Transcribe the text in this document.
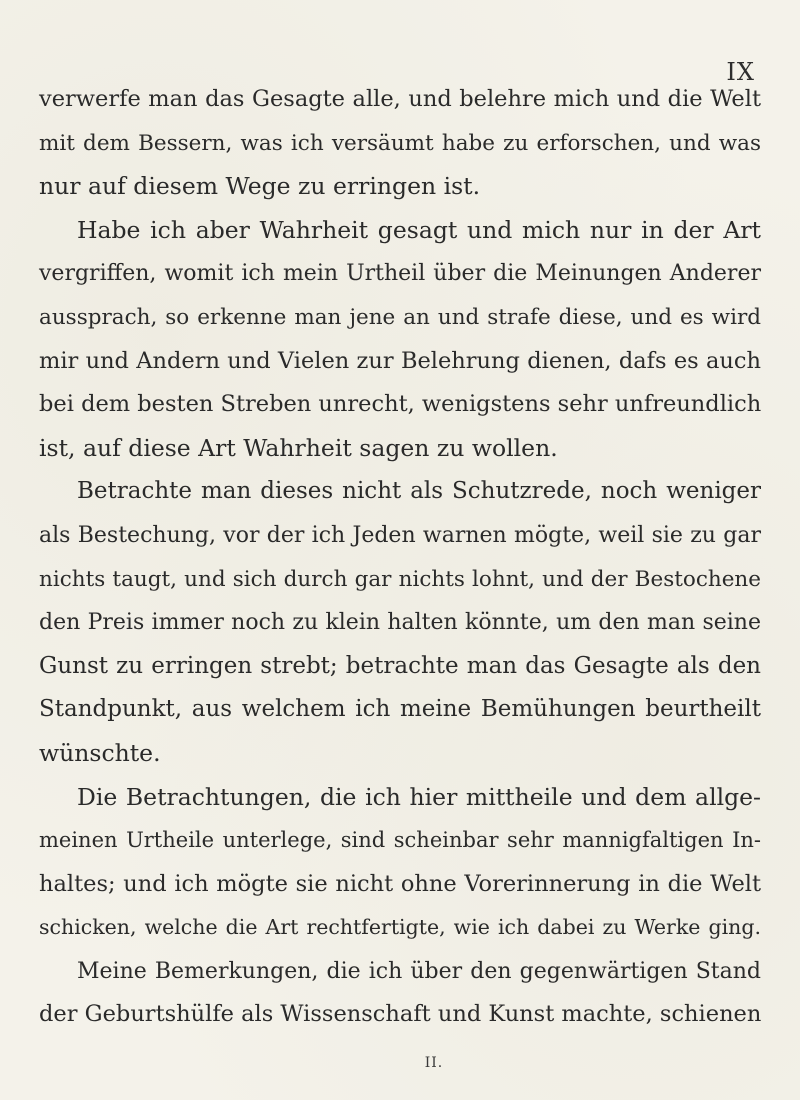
IX
verwerfe man das Gesagte alle, und belehre mich und die Welt
mit dem Bessern, was ich versäumt habe zu erforschen, und was
nur auf diesem Wege zu erringen ist.
Habe ich aber Wahrheit gesagt und mich nur in der Art
vergriffen, womit ich mein Urtheil über die Meinungen Anderer
aussprach, so erkenne man jene an und strafe diese, und es wird
mir und Andern und Vielen zur Belehrung dienen, dafs es auch
bei dem besten Streben unrecht, wenigstens sehr unfreundlich
ist, auf diese Art Wahrheit sagen zu wollen.
Betrachte man dieses nicht als Schutzrede, noch weniger
als Bestechung, vor der ich Jeden warnen mögte, weil sie zu gar
nichts taugt, und sich durch gar nichts lohnt, und der Bestochene
den Preis immer noch zu klein halten könnte, um den man seine
Gunst zu erringen strebt; betrachte man das Gesagte als den
Standpunkt, aus welchem ich meine Bemühungen beurtheilt
wünschte.
Die Betrachtungen, die ich hier mittheile und dem allge-
meinen Urtheile unterlege, sind scheinbar sehr mannigfaltigen In-
haltes; und ich mögte sie nicht ohne Vorerinnerung in die Welt
schicken, welche die Art rechtfertigte, wie ich dabei zu Werke ging.
Meine Bemerkungen, die ich über den gegenwärtigen Stand
der Geburtshülfe als Wissenschaft und Kunst machte, schienen
II.
